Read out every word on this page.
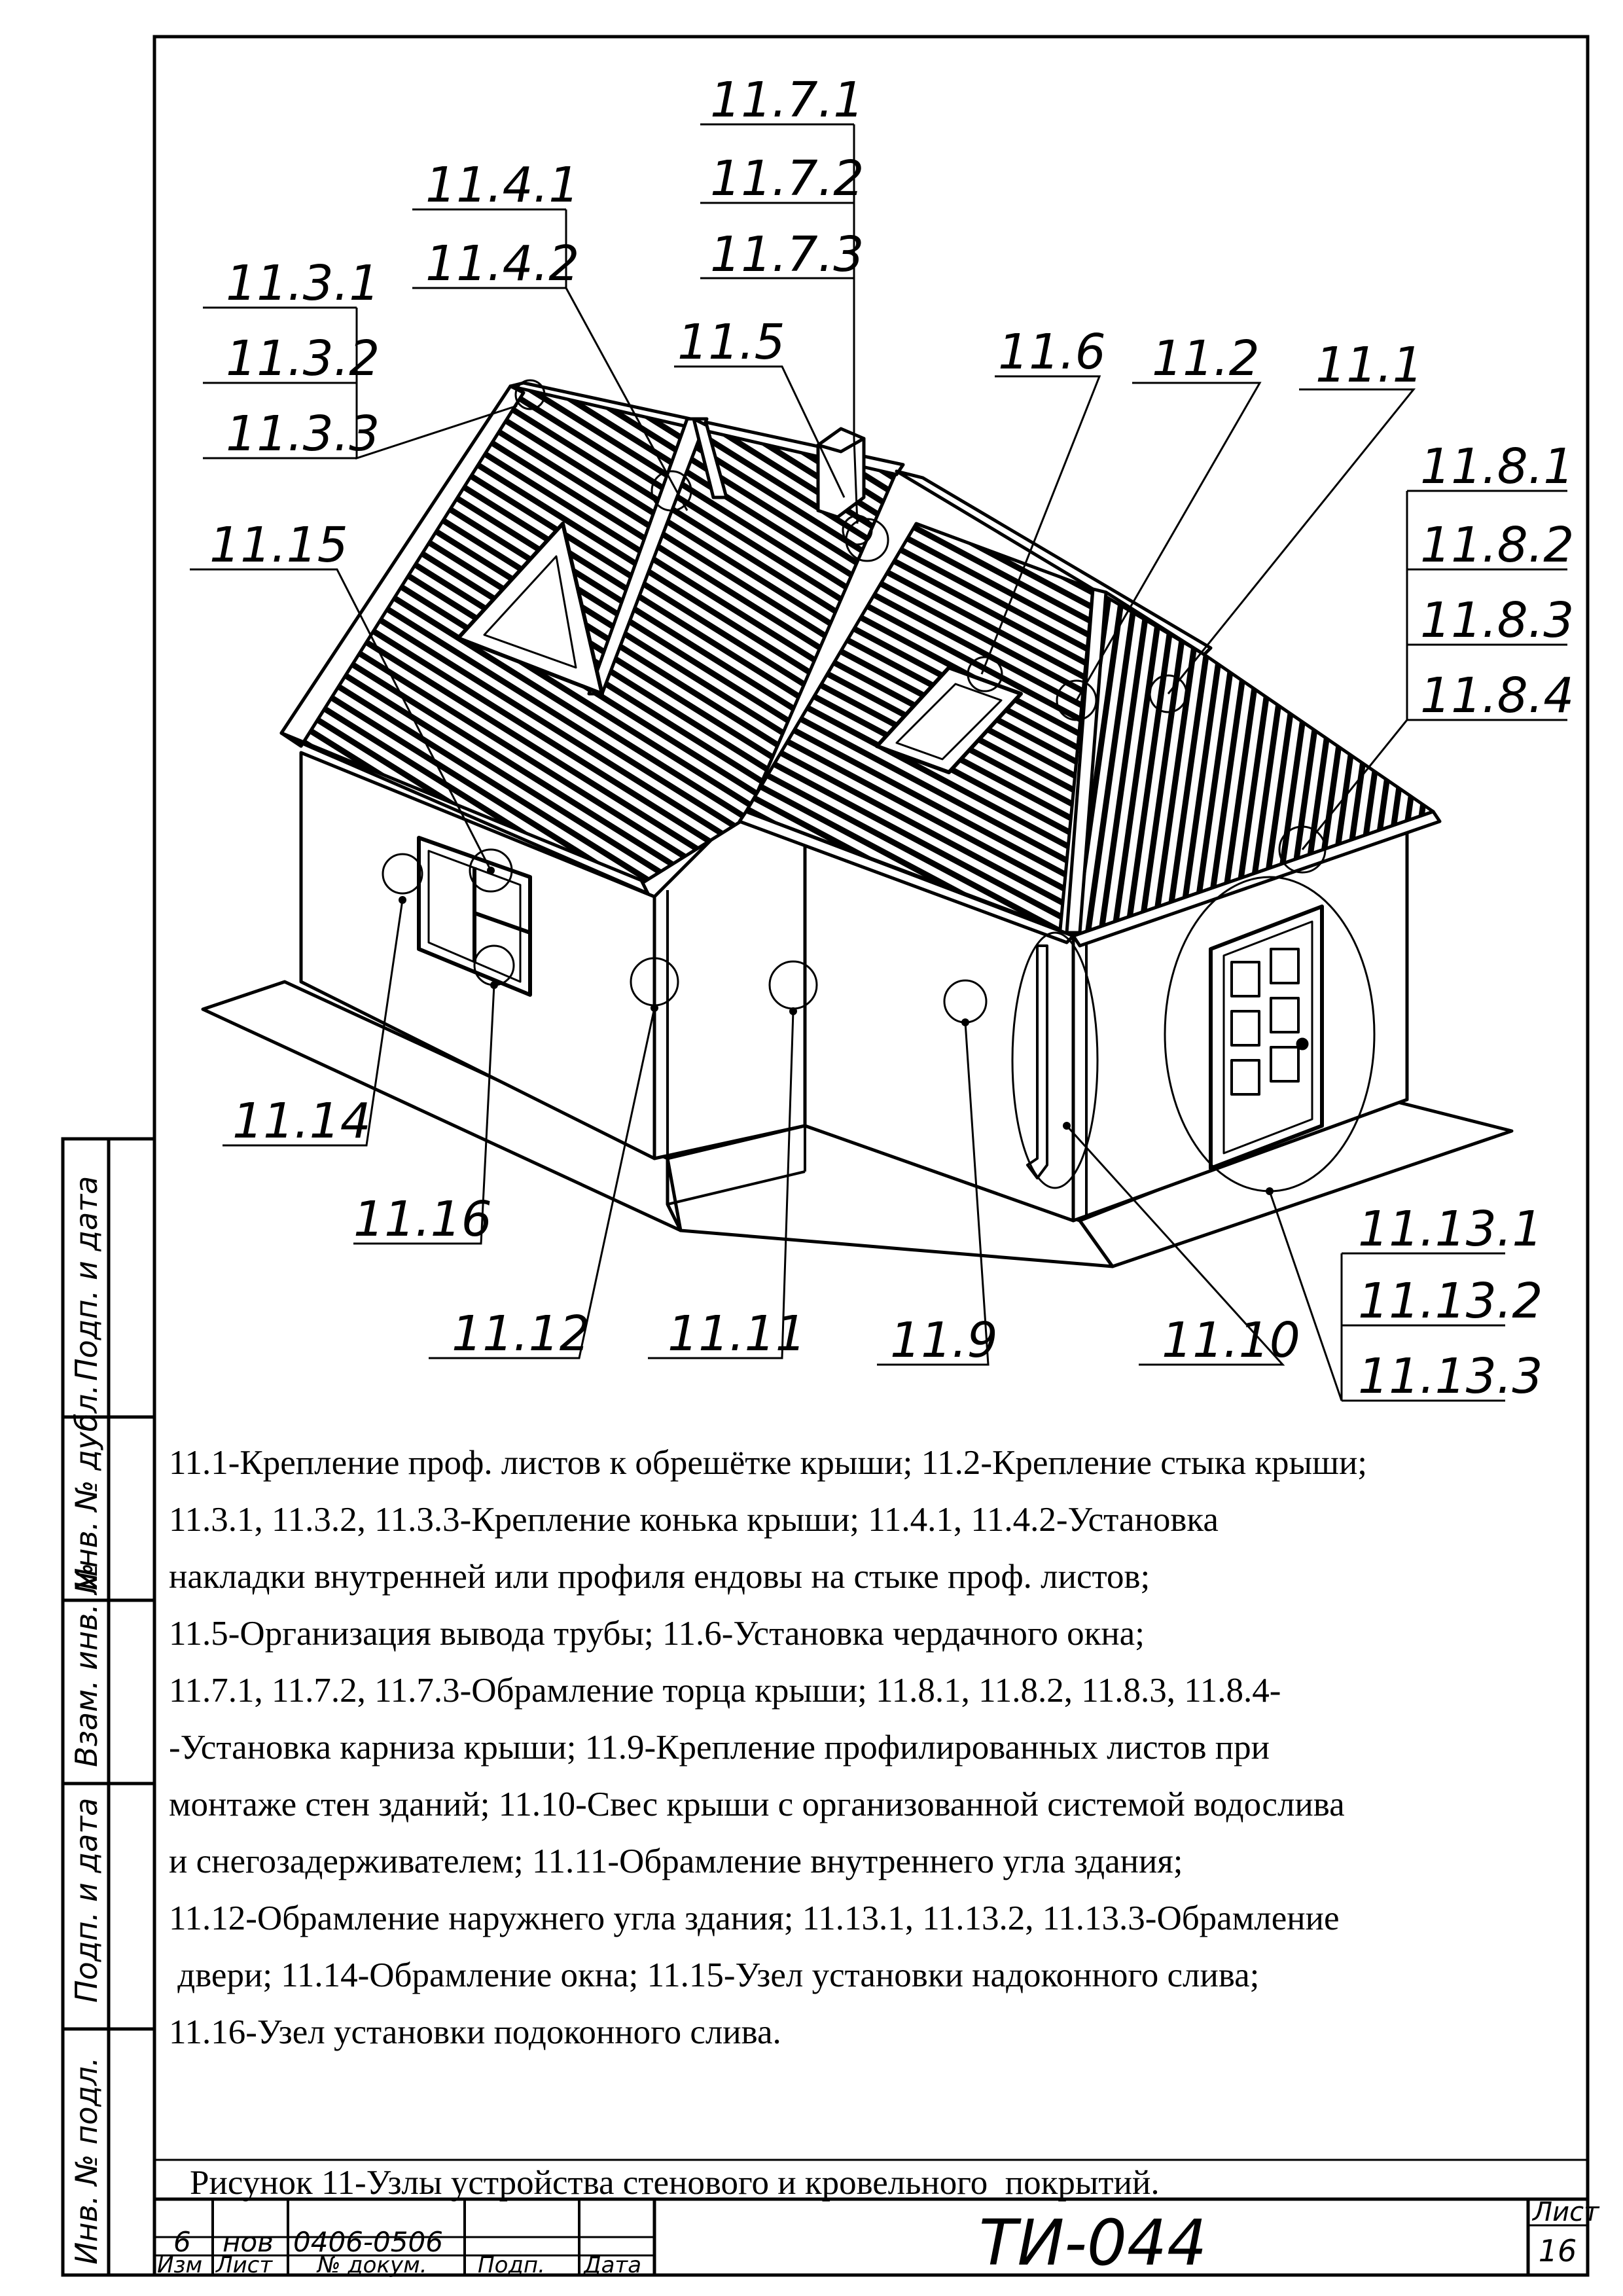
Подп. и дата
Инв. № дубл.
Взам. инв. №
Подп. и дата
Инв. № подл.
11.7.1
11.7.2
11.7.3
11.4.1
11.4.2
11.3.1
11.3.2
11.3.3
11.5	11.6 11.2 11.1
11.15
11.8.1
11.8.2
11.8.3
11.8.4
11.14
11.16
11.12 11.11 11.9	11.10
11.13.1
11.13.2
11.13.3
6 нов 0406-0506
Изм Лист № докум. Подп. Дата	ТИ-044	Лист
16

11.1-Крепление проф. листов к обрешётке крыши; 11.2-Крепление стыка крыши;

11.3.1, 11.3.2, 11.3.3-Крепление конька крыши; 11.4.1, 11.4.2-Установка

накладки внутренней или профиля ендовы на стыке проф. листов;

11.5-Организация вывода трубы; 11.6-Установка чердачного окна;

11.7.1, 11.7.2, 11.7.3-Обрамление торца крыши; 11.8.1, 11.8.2, 11.8.3, 11.8.4-

-Установка карниза крыши; 11.9-Крепление профилированных листов при

монтаже стен зданий; 11.10-Свес крыши с организованной системой водослива

и снегозадерживателем; 11.11-Обрамление внутреннего угла здания;

11.12-Обрамление наружнего угла здания; 11.13.1, 11.13.2, 11.13.3-Обрамление

двери; 11.14-Обрамление окна; 11.15-Узел установки надоконного слива;

11.16-Узел установки подоконного слива.

Рисунок 11-Узлы устройства стенового и кровельного  покрытий.
